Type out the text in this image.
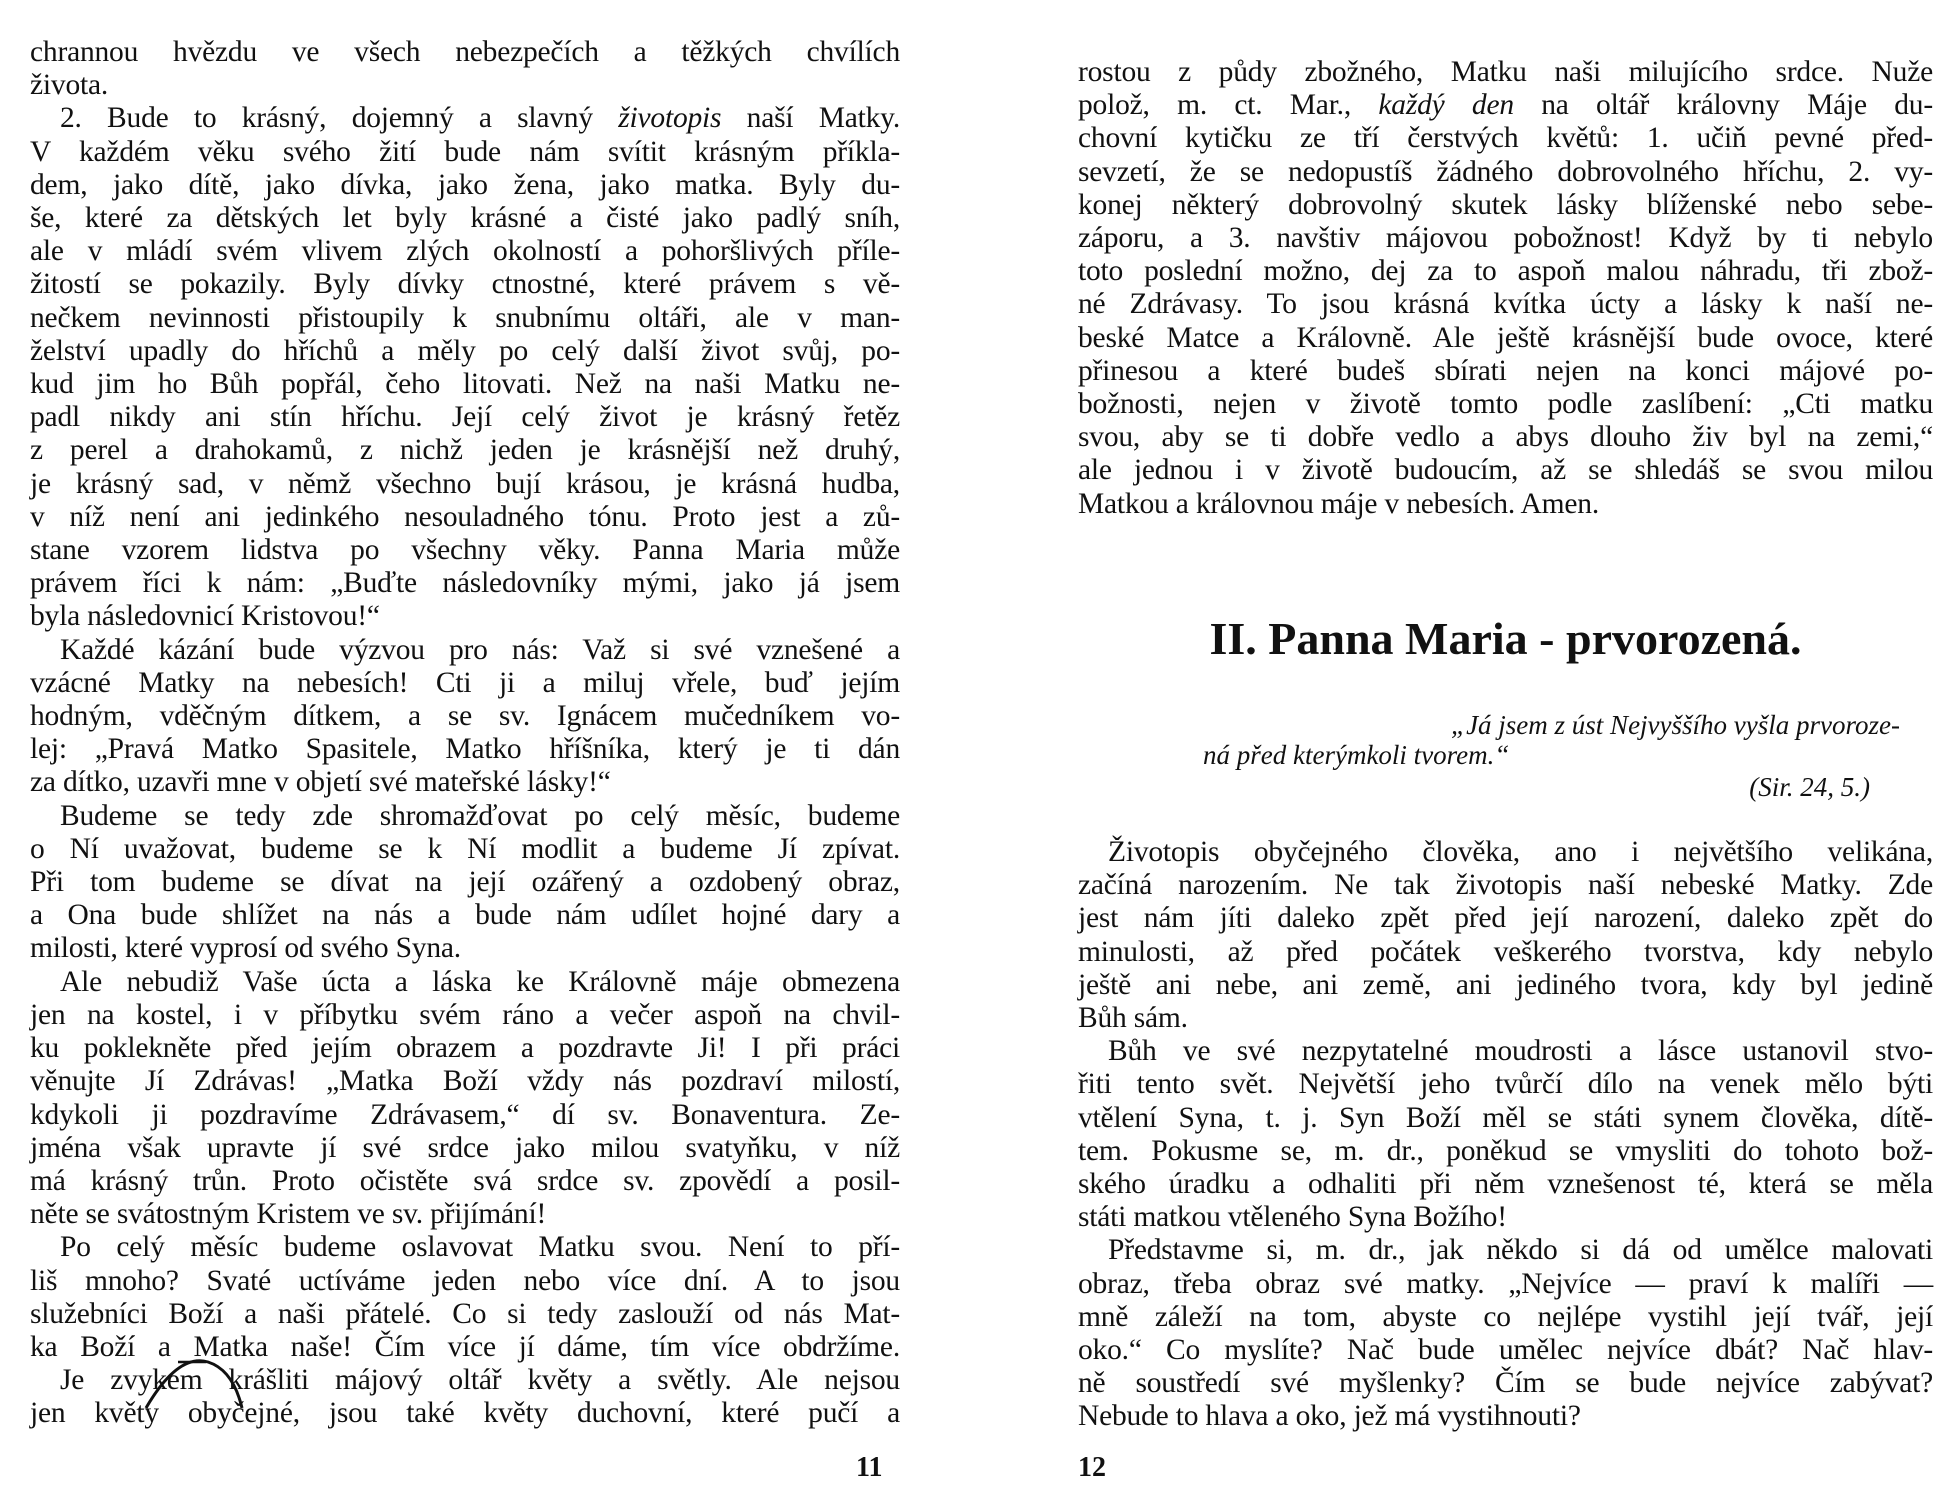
chrannou hvězdu ve všech nebezpečích a těžkých chvílích
života.
2. Bude to krásný, dojemný a slavný životopis naší Matky.
V každém věku svého žití bude nám svítit krásným příkla-
dem, jako dítě, jako dívka, jako žena, jako matka. Byly du-
še, které za dětských let byly krásné a čisté jako padlý sníh,
ale v mládí svém vlivem zlých okolností a pohoršlivých příle-
žitostí se pokazily. Byly dívky ctnostné, které právem s vě-
nečkem nevinnosti přistoupily k snubnímu oltáři, ale v man-
želství upadly do hříchů a měly po celý další život svůj, po-
kud jim ho Bůh popřál, čeho litovati. Než na naši Matku ne-
padl nikdy ani stín hříchu. Její celý život je krásný řetěz
z perel a drahokamů, z nichž jeden je krásnější než druhý,
je krásný sad, v němž všechno bují krásou, je krásná hudba,
v níž není ani jedinkého nesouladného tónu. Proto jest a zů-
stane vzorem lidstva po všechny věky. Panna Maria může
právem říci k nám: „Buďte následovníky mými, jako já jsem
byla následovnicí Kristovou!“
Každé kázání bude výzvou pro nás: Važ si své vznešené a
vzácné Matky na nebesích! Cti ji a miluj vřele, buď jejím
hodným, vděčným dítkem, a se sv. Ignácem mučedníkem vo-
lej: „Pravá Matko Spasitele, Matko hříšníka, který je ti dán
za dítko, uzavři mne v objetí své mateřské lásky!“
Budeme se tedy zde shromažďovat po celý měsíc, budeme
o Ní uvažovat, budeme se k Ní modlit a budeme Jí zpívat.
Při tom budeme se dívat na její ozářený a ozdobený obraz,
a Ona bude shlížet na nás a bude nám udílet hojné dary a
milosti, které vyprosí od svého Syna.
Ale nebudiž Vaše úcta a láska ke Královně máje obmezena
jen na kostel, i v příbytku svém ráno a večer aspoň na chvil-
ku poklekněte před jejím obrazem a pozdravte Ji! I při práci
věnujte Jí Zdrávas! „Matka Boží vždy nás pozdraví milostí,
kdykoli ji pozdravíme Zdrávasem,“ dí sv. Bonaventura. Ze-
jména však upravte jí své srdce jako milou svatyňku, v níž
má krásný trůn. Proto očistěte svá srdce sv. zpovědí a posil-
něte se svátostným Kristem ve sv. přijímání!
Po celý měsíc budeme oslavovat Matku svou. Není to pří-
liš mnoho? Svaté uctíváme jeden nebo více dní. A to jsou
služebníci Boží a naši přátelé. Co si tedy zaslouží od nás Mat-
ka Boží a Matka naše! Čím více jí dáme, tím více obdržíme.
Je zvykem krášliti májový oltář květy a světly. Ale nejsou
jen květy obyčejné, jsou také květy duchovní, které pučí a
11
rostou z půdy zbožného, Matku naši milujícího srdce. Nuže
polož, m. ct. Mar., každý den na oltář královny Máje du-
chovní kytičku ze tří čerstvých květů: 1. učiň pevné před-
sevzetí, že se nedopustíš žádného dobrovolného hříchu, 2. vy-
konej některý dobrovolný skutek lásky blíženské nebo sebe-
záporu, a 3. navštiv májovou pobožnost! Když by ti nebylo
toto poslední možno, dej za to aspoň malou náhradu, tři zbož-
né Zdrávasy. To jsou krásná kvítka úcty a lásky k naší ne-
beské Matce a Královně. Ale ještě krásnější bude ovoce, které
přinesou a které budeš sbírati nejen na konci májové po-
božnosti, nejen v životě tomto podle zaslíbení: „Cti matku
svou, aby se ti dobře vedlo a abys dlouho živ byl na zemi,“
ale jednou i v životě budoucím, až se shledáš se svou milou
Matkou a královnou máje v nebesích. Amen.
II. Panna Maria - prvorozená.
„Já jsem z úst Nejvyššího vyšla prvoroze-
ná před kterýmkoli tvorem.“
(Sir. 24, 5.)
Životopis obyčejného člověka, ano i největšího velikána,
začíná narozením. Ne tak životopis naší nebeské Matky. Zde
jest nám jíti daleko zpět před její narození, daleko zpět do
minulosti, až před počátek veškerého tvorstva, kdy nebylo
ještě ani nebe, ani země, ani jediného tvora, kdy byl jedině
Bůh sám.
Bůh ve své nezpytatelné moudrosti a lásce ustanovil stvo-
řiti tento svět. Největší jeho tvůrčí dílo na venek mělo býti
vtělení Syna, t. j. Syn Boží měl se státi synem člověka, dítě-
tem. Pokusme se, m. dr., poněkud se vmysliti do tohoto bož-
ského úradku a odhaliti při něm vznešenost té, která se měla
státi matkou vtěleného Syna Božího!
Představme si, m. dr., jak někdo si dá od umělce malovati
obraz, třeba obraz své matky. „Nejvíce — praví k malíři —
mně záleží na tom, abyste co nejlépe vystihl její tvář, její
oko.“ Co myslíte? Nač bude umělec nejvíce dbát? Nač hlav-
ně soustředí své myšlenky? Čím se bude nejvíce zabývat?
Nebude to hlava a oko, jež má vystihnouti?
12
